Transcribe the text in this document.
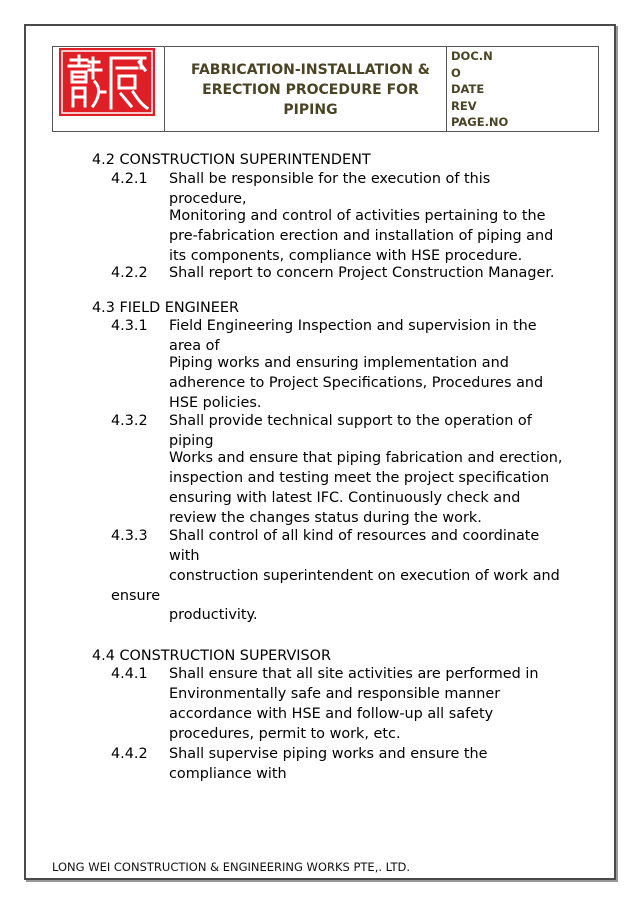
FABRICATION-INSTALLATION &
ERECTION PROCEDURE FOR
PIPING
DOC.N
O
DATE
REV
PAGE.NO
4.2 CONSTRUCTION SUPERINTENDENT
4.2.1 Shall be responsible for the execution of this
procedure,
Monitoring and control of activities pertaining to the
pre-fabrication erection and installation of piping and
its components, compliance with HSE procedure.
4.2.2 Shall report to concern Project Construction Manager.
4.3 FIELD ENGINEER
4.3.1 Field Engineering Inspection and supervision in the
area of
Piping works and ensuring implementation and
adherence to Project Specifications, Procedures and
HSE policies.
4.3.2 Shall provide technical support to the operation of
piping
Works and ensure that piping fabrication and erection,
inspection and testing meet the project specification
ensuring with latest IFC. Continuously check and
review the changes status during the work.
4.3.3 Shall control of all kind of resources and coordinate
with
construction superintendent on execution of work and
ensure
productivity.
4.4 CONSTRUCTION SUPERVISOR
4.4.1 Shall ensure that all site activities are performed in
Environmentally safe and responsible manner
accordance with HSE and follow-up all safety
procedures, permit to work, etc.
4.4.2 Shall supervise piping works and ensure the
compliance with
LONG WEI CONSTRUCTION & ENGINEERING WORKS PTE,. LTD.
